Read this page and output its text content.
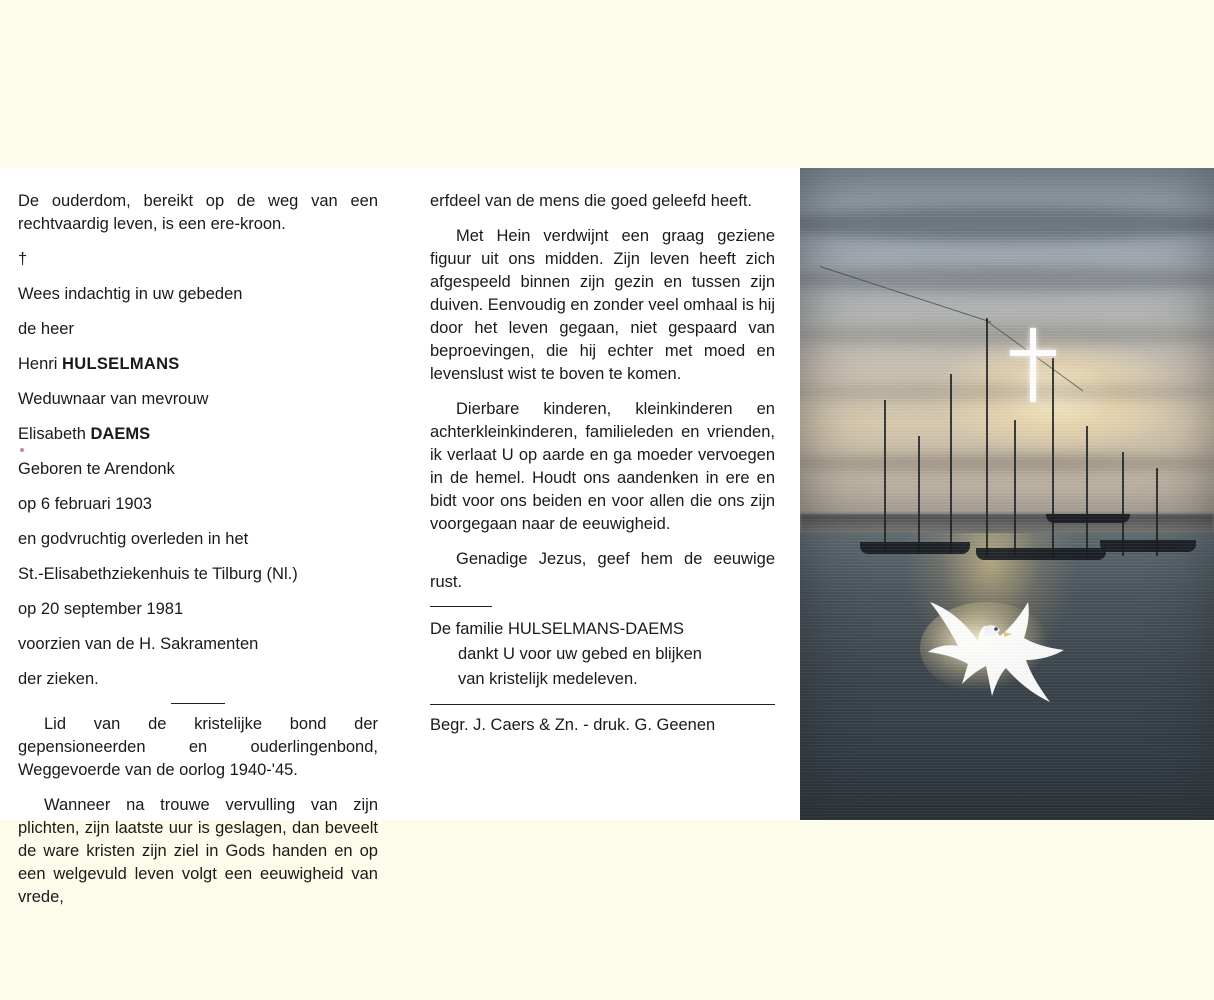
De ouderdom, bereikt op de weg van een rechtvaardig leven, is een ere-kroon.

†

Wees indachtig in uw gebeden

de heer

Henri HULSELMANS

Weduwnaar van mevrouw

Elisabeth DAEMS

Geboren te Arendonk

op 6 februari 1903

en godvruchtig overleden in het

St.-Elisabethziekenhuis te Tilburg (Nl.)

op 20 september 1981

voorzien van de H. Sakramenten

der zieken.

Lid van de kristelijke bond der gepensioneerden en ouderlingenbond, Weggevoerde van de oorlog 1940-'45.

Wanneer na trouwe vervulling van zijn plichten, zijn laatste uur is geslagen, dan beveelt de ware kristen zijn ziel in Gods handen en op een welgevuld leven volgt een eeuwigheid van vrede,

erfdeel van de mens die goed geleefd heeft.

Met Hein verdwijnt een graag geziene figuur uit ons midden. Zijn leven heeft zich afgespeeld binnen zijn gezin en tussen zijn duiven. Eenvoudig en zonder veel omhaal is hij door het leven gegaan, niet gespaard van beproevingen, die hij echter met moed en levenslust wist te boven te komen.

Dierbare kinderen, kleinkinderen en achterkleinkinderen, familieleden en vrienden, ik verlaat U op aarde en ga moeder vervoegen in de hemel. Houdt ons aandenken in ere en bidt voor ons beiden en voor allen die ons zijn voorgegaan naar de eeuwigheid.

Genadige Jezus, geef hem de eeuwige rust.

De familie HULSELMANS-DAEMS
dankt U voor uw gebed en blijken
van kristelijk medeleven.

Begr. J. Caers & Zn. - druk. G. Geenen
